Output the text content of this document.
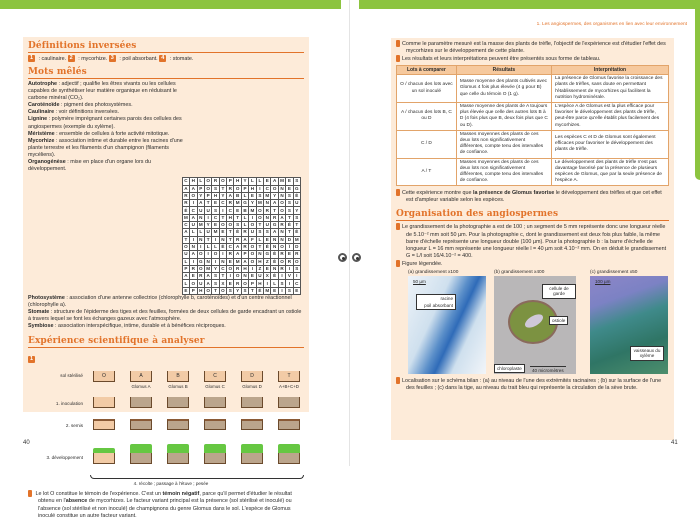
Définitions inversées
1 : caulinaire. 2 : mycorhize. 3 : poil absorbant. 4 : stomate.
Mots mêlés
Autotrophe : adjectif ; qualifie les êtres vivants ou les cellules capables de synthétiser leur matière organique en réduisant le carbone minéral (CO₂).
Caroténoïde : pigment des photosystèmes.
Caulinaire : voir définitions inversées.
Lignine : polymère imprégnant certaines parois des cellules des angiospermes (exemple du xylème).
Méristème : ensemble de cellules à forte activité mitotique.
Mycorhize : association intime et durable entre les racines d'une plante terrestre et les filaments d'un champignon (filaments mycéliens).
Organogénèse : mise en place d'un organe lors du développement.
C	H	L	O	R	O	P	H	Y	L	L	E	A	M	E	S
A	A	P	O	S	T	R	O	P	H	I	C	O	N	E	G
R	O	Y	P	H	Y	A	B	L	E	S	M	Y	N	S	É
R	I	A	T	E	C	R	M	G	Y	M	N	A	O	S	U
É	C	U	U	S	I	C	E	B	M	O	R	T	O	S	Y
M	A	N	I	C	T	H	T	L	I	O	N	R	A	T	S
C	U	M	Y	E	O	O	S	L	O	T	U	G	R	É	T
A	L	L	U	M	E	T	É	R	U	S	S	A	N	T	È
T	I	N	T	I	N	T	R	A	F	L	E	N	N	D	M
O	N	I	L	L	É	C	A	R	O	T	É	N	O	Ï	D
U	A	O	I	O	I	R	A	P	O	N	G	È	R	E	R
L	I	G	N	I	N	E	M	A	O	H	Z	É	O	R	O
P	R	O	M	Y	C	O	R	H	I	Z	E	N	R	I	S
A	E	R	A	S	T	I	O	N	E	U	X	É	I	V	I
L	O	U	A	S	X	E	R	O	P	H	I	L	S	I	C
E	P	H	O	T	O	S	Y	S	T	È	M	E	I	S	E
Photosystème : association d'une antenne collectrice (chlorophylle b, caroténoïdes) et d'un centre réactionnel (chlorophylle a).
Stomate : structure de l'épiderme des tiges et des feuilles, formées de deux cellules de garde encadrant un ostiole à travers lequel se font les échanges gazeux avec l'atmosphère.
Symbiose : association interspécifique, intime, durable et à bénéfices réciproques.
Expérience scientifique à analyser
1
sol stérilisé
1. inoculation
2. semis
3. développement
4. récolte ; passage à l'étuve ; pesée
O	A
Glomus A
B
Glomus B
C
Glomus C
D
Glomus D
T
A+B+C+D
2 Le lot O constitue le témoin de l'expérience. C'est un témoin négatif, parce qu'il permet d'étudier le résultat obtenu en l'absence de mycorhizes. Le facteur variant principal est la présence (sol stérilisé et inoculé) ou l'absence (sol stérilisé et non inoculé) de champignons du genre Glomus dans le sol. L'espèce de Glomus inoculé constitue un autre facteur variant.
40
1. Les angiospermes, des organismes en lien avec leur environnement
3 Comme le paramètre mesuré est la masse des plants de trèfle, l'objectif de l'expérience est d'étudier l'effet des mycorhizes sur le développement de cette plante.
4 Les résultats et leurs interprétations peuvent être présentés sous forme de tableau.
Lots à comparer	Résultats	Interprétation
O / chacun des lots avec un sol inoculé	Masse moyenne des plants cultivés avec Glomus 4 fois plus élevée (4 g pour B) que celle du témoin O (1 g).	La présence de Glomus favorise la croissance des plants de trèfles, sans doute en permettant l'établissement de mycorhizes qui facilitent la nutrition hydrominérale.
A / chacun des lots B, C ou D	Masse moyenne des plants de A toujours plus élevée que celle des autres lots B à D (4 fois plus que B, deux fois plus que C ou D).	L'espèce A de Glomus est la plus efficace pour favoriser le développement des plants de trèfle, peut-être parce qu'elle établit plus facilement des mycorhizes.
C / D	Masses moyennes des plants de ces deux lots non significativement différentes, compte tenu des intervalles de confiance.	Les espèces C et D de Glomus sont également efficaces pour favoriser le développement des plants de trèfle.
A / T	Masses moyennes des plants de ces deux lots non significativement différentes, compte tenu des intervalles de confiance.	Le développement des plants de trèfle n'est pas davantage favorisé par la présence de plusieurs espèces de Glomus, que par la seule présence de l'espèce A.
5 Cette expérience montre que la présence de Glomus favorise le développement des trèfles et que cet effet est d'ampleur variable selon les espèces.
Organisation des angiospermes
1 Le grandissement de la photographie a est de 100 ; un segment de 5 mm représente donc une longueur réelle de 5.10⁻² mm soit 50 µm. Pour la photographie c, dont le grandissement est deux fois plus faible, la même barre d'échelle représente une longueur double (100 µm). Pour la photographie b : la barre d'échelle de longueur L = 16 mm représente une longueur réelle l = 40 µm soit 4.10⁻² mm. On en déduit le grandissement G = L/l soit 16/4.10⁻² = 400.
2 Figure légendée.
(a) grandissement x100
50 µm
racine
poil absorbant
(b) grandissement x400
cellule de garde
ostiole
chloroplaste	40 micromètres
(c) grandissement x50
100 µm
vaisseaux du xylème
3 Localisation sur le schéma bilan : (a) au niveau de l'une des extrémités racinaires ; (b) sur la surface de l'une des feuilles ; (c) dans la tige, au niveau du trait bleu qui représente la circulation de la sève brute.
41
